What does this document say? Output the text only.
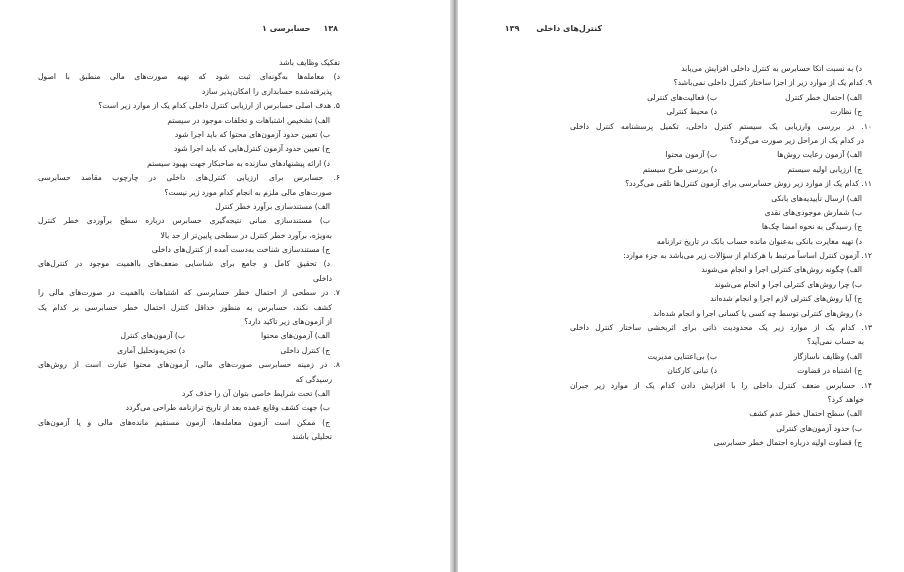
۱۳۸ حسابرسی ۱
تفکیک وظایف باشد
د) معامله‌ها به‌گونه‌ای ثبت شود که تهیه صورت‌های مالی منطبق با اصول
پذیرفته‌شده حسابداری را امکان‌پذیر سازد
۵. هدف اصلی حسابرس از ارزیابی کنترل داخلی کدام یک از موارد زیر است؟
الف) تشخیص اشتباهات و تخلفات موجود در سیستم
ب) تعیین حدود آزمون‌های محتوا که باید اجرا شود
ج) تعیین حدود آزمون کنترل‌هایی که باید اجرا شود
د) ارائه پیشنهادهای سازنده به صاحبکار جهت بهبود سیستم
۶. حسابرس برای ارزیابی کنترل‌های داخلی در چارچوب مقاصد حسابرسی
صورت‌های مالی ملزم به انجام کدام مورد زیر نیست؟
الف) مستندسازی برآورد خطر کنترل
ب) مستندسازی مبانی نتیجه‌گیری حسابرس درباره سطح برآوردی خطر کنترل
به‌ویژه، برآورد خطر کنترل در سطحی پایین‌تر از حد بالا
ج) مستندسازی شناخت به‌دست آمده از کنترل‌های داخلی
د) تحقیق کامل و جامع برای شناسایی ضعف‌های بااهمیت موجود در کنترل‌های
داخلی
۷. در سطحی از احتمال خطر حسابرسی که اشتباهات بااهمیت در صورت‌های مالی را
کشف نکند، حسابرس به منظور حداقل کنترل احتمال خطر حسابرسی بر کدام یک
از آزمون‌های زیر تاکید دارد؟
الف) آزمون‌های محتوا
ب) آزمون‌های کنترل
ج) کنترل داخلی
د) تجزیه‌وتحلیل آماری
۸. در زمینه حسابرسی صورت‌های مالی، آزمون‌های محتوا عبارت است از روش‌های
رسیدگی که
الف) تحت شرایط خاصی بتوان آن را حذف کرد
ب) جهت کشف وقایع عمده بعد از تاریخ ترازنامه طراحی می‌گردد
ج) ممکن است آزمون معامله‌ها، آزمون مستقیم مانده‌های مالی و یا آزمون‌های
تحلیلی باشند
کنترل‌های داخلی ۱۳۹
د) به نسبت اتکا حسابرس به کنترل داخلی افزایش می‌یابد
۹. کدام یک از موارد زیر از اجزا ساختار کنترل داخلی نمی‌باشد؟
الف) احتمال خطر کنترل
ب) فعالیت‌های کنترلی
ج) نظارت
د) محیط کنترلی
۱۰. در بررسی وارزیابی یک سیستم کنترل داخلی، تکمیل پرسشنامه کنترل داخلی
در کدام یک از مراحل زیر صورت می‌گردد؟
الف) آزمون رعایت روش‌ها
ب) آزمون محتوا
ج) ارزیابی اولیه سیستم
د) بررسی طرح سیستم
۱۱. کدام یک از موارد زیر روش حسابرسی برای آزمون کنترل‌ها تلقی می‌گردد؟
الف) ارسال تأییدیه‌های بانکی
ب) شمارش موجودی‌های نقدی
ج) رسیدگی به نحوه امضا چک‌ها
د) تهیه مغایرت بانکی به‌عنوان مانده حساب بانک در تاریخ ترازنامه
۱۲. آزمون کنترل اساساً مرتبط با هرکدام از سؤالات زیر می‌باشد به جزء موارد:
الف) چگونه روش‌های کنترلی اجرا و انجام می‌شوند
ب) چرا روش‌های کنترلی اجرا و انجام می‌شوند
ج) آیا روش‌های کنترلی لازم اجرا و انجام شده‌اند
د) روش‌های کنترلی توسط چه کسی یا کسانی اجرا و انجام شده‌اند
۱۳. کدام یک از موارد زیر یک محدودیت ذاتی برای اثربخشی ساختار کنترل داخلی
به حساب نمی‌آید؟
الف) وظایف ناسازگار
ب) بی‌اعتنایی مدیریت
ج) اشتباه در قضاوت
د) تبانی کارکنان
۱۴. حسابرس ضعف کنترل داخلی را با افزایش دادن کدام یک از موارد زیر جبران
خواهد کرد؟
الف) سطح احتمال خطر عدم کشف
ب) حدود آزمون‌های کنترلی
ج) قضاوت اولیه درباره احتمال خطر حسابرسی
